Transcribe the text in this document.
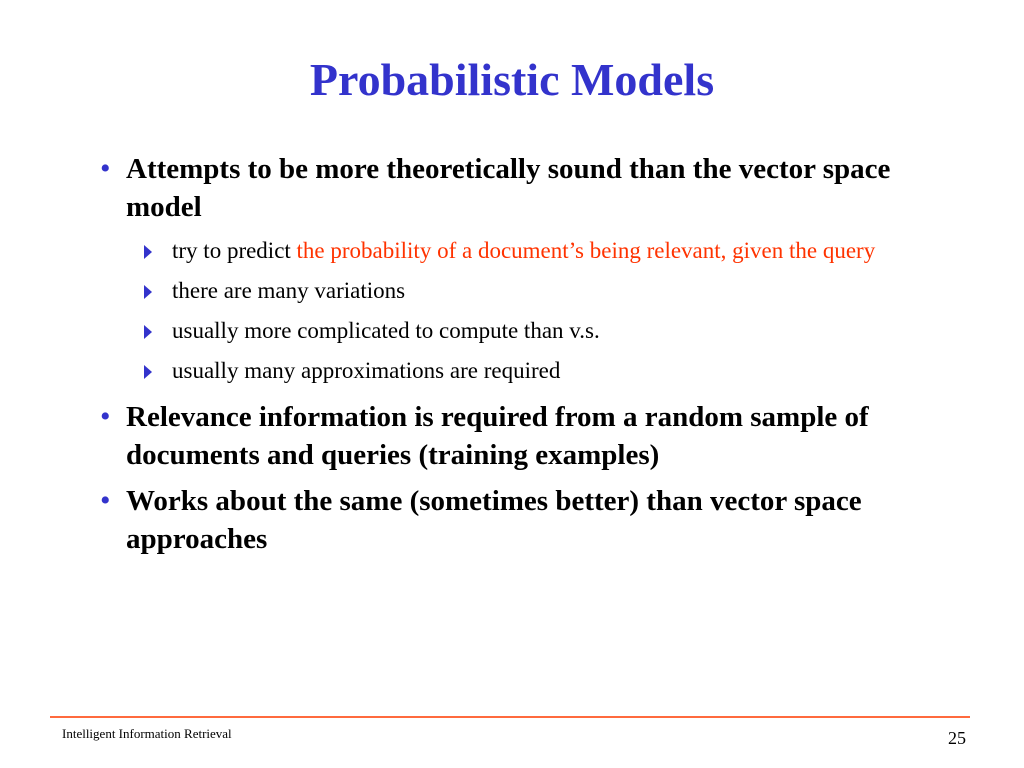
Probabilistic Models
• Attempts to be more theoretically sound than the vector space model
try to predict the probability of a document’s being relevant, given the query
there are many variations
usually more complicated to compute than v.s.
usually many approximations are required
• Relevance information is required from a random sample of documents and queries (training examples)
• Works about the same (sometimes better) than vector space approaches
Intelligent Information Retrieval	25
